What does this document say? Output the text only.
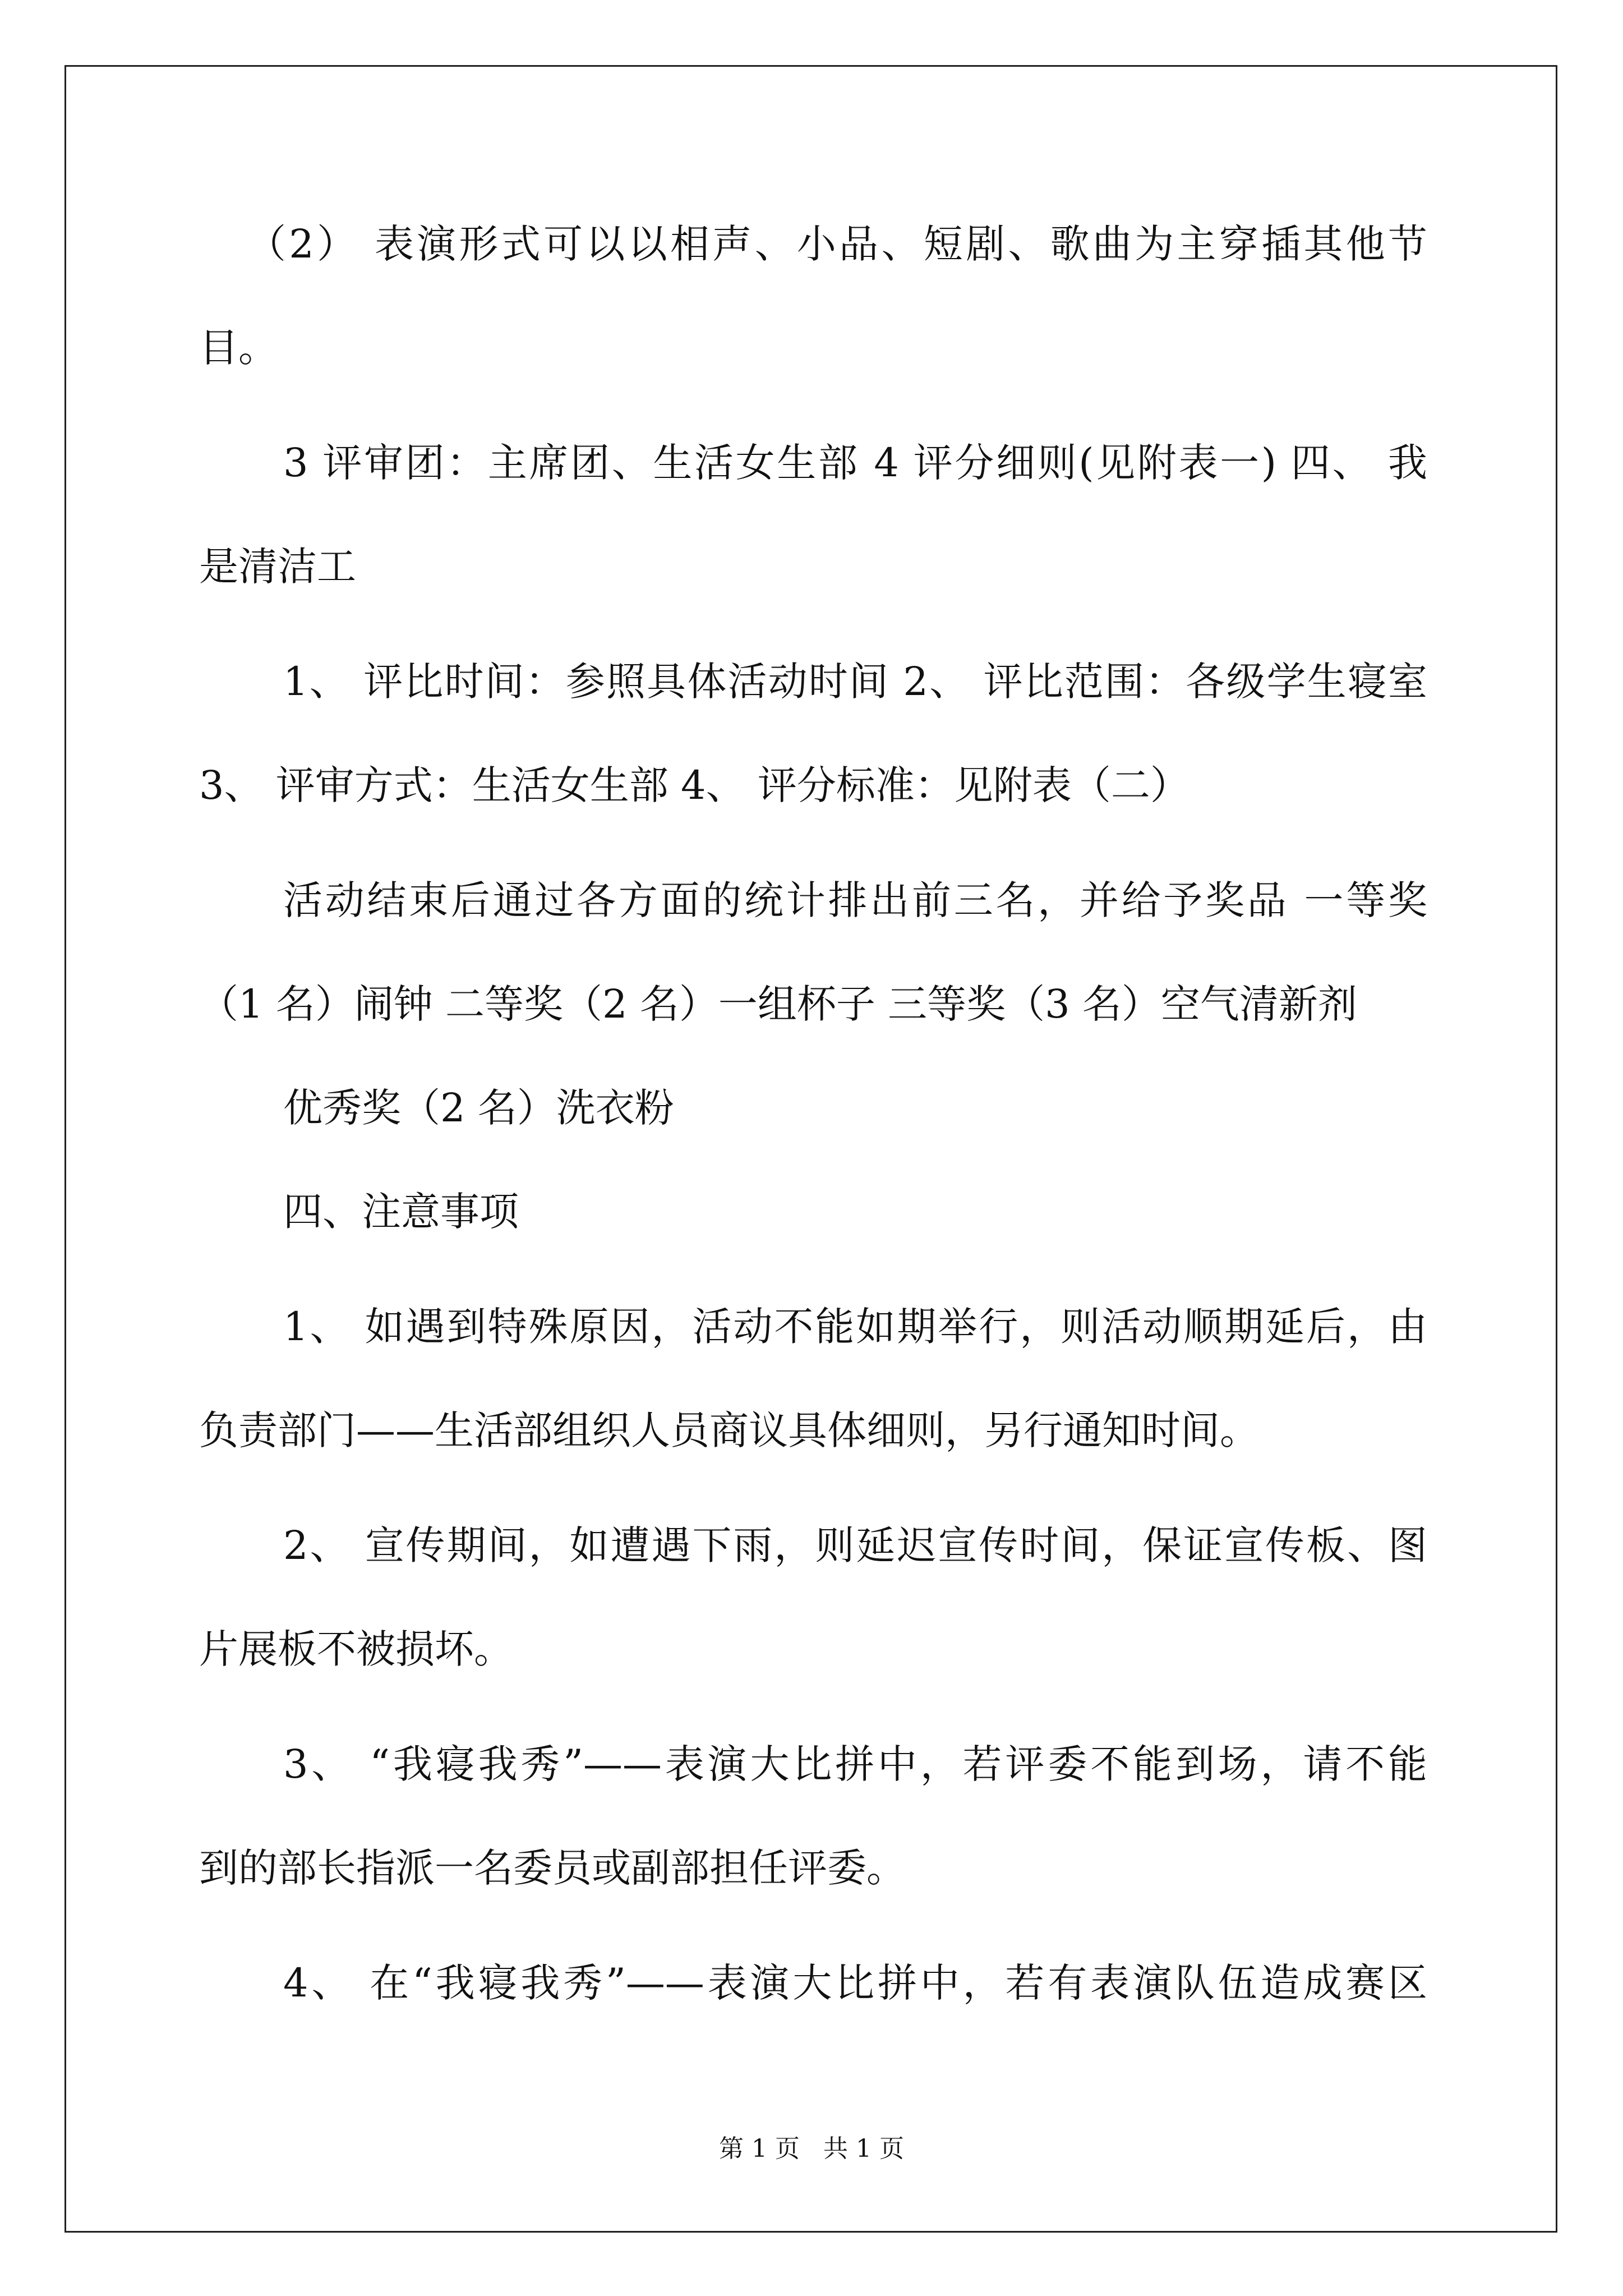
（2） 表演形式可以以相声、小品、短剧、歌曲为主穿插其他节
目。
3 评审团：主席团、生活女生部 4 评分细则(见附表一) 四、 我
是清洁工
1、 评比时间：参照具体活动时间 2、 评比范围：各级学生寝室
3、 评审方式：生活女生部 4、 评分标准：见附表（二）
活动结束后通过各方面的统计排出前三名，并给予奖品 一等奖
（1 名）闹钟 二等奖（2 名）一组杯子 三等奖（3 名）空气清新剂
优秀奖（2 名）洗衣粉
四、注意事项
1、 如遇到特殊原因，活动不能如期举行，则活动顺期延后，由
负责部门——生活部组织人员商议具体细则，另行通知时间。
2、 宣传期间，如遭遇下雨，则延迟宣传时间，保证宣传板、图
片展板不被损坏。
3、 “我寝我秀”——表演大比拼中，若评委不能到场，请不能
到的部长指派一名委员或副部担任评委。
4、 在“我寝我秀”——表演大比拼中，若有表演队伍造成赛区
第 1 页 共 1 页
